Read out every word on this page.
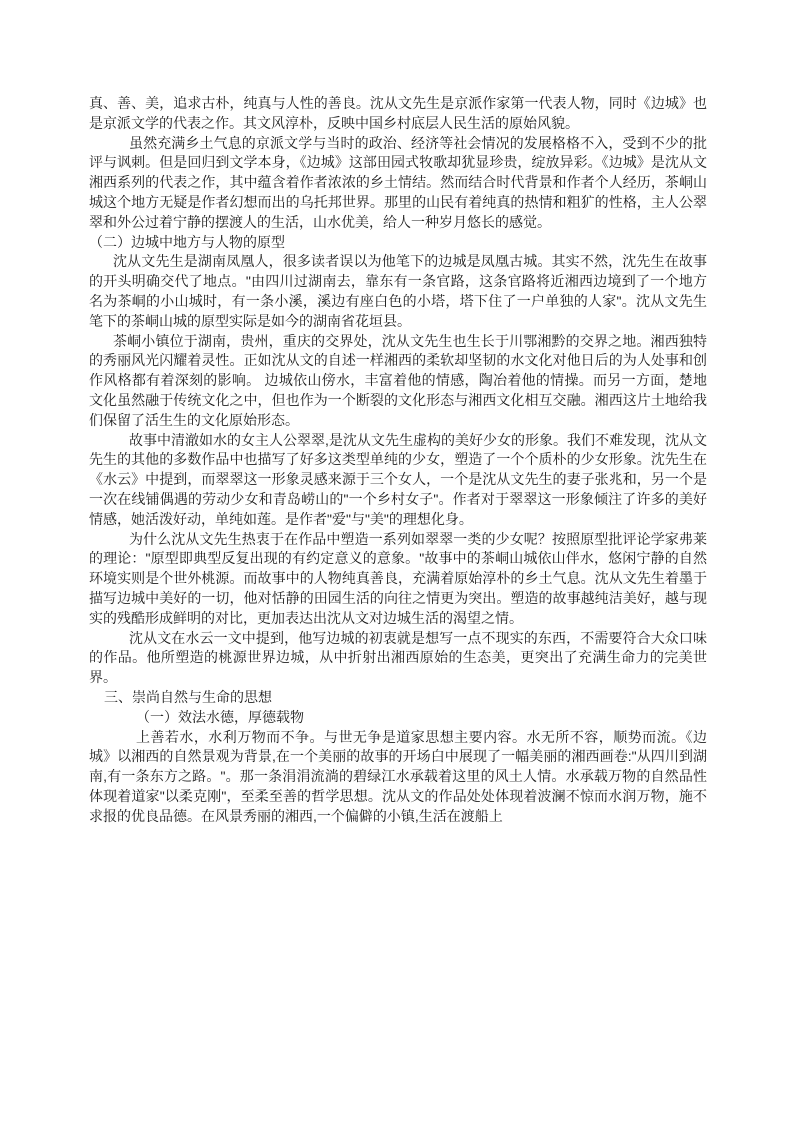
真、善、美，追求古朴，纯真与人性的善良。沈从文先生是京派作家第一代表人物，同时《边城》也是京派文学的代表之作。其文风淳朴，反映中国乡村底层人民生活的原始风貌。

虽然充满乡土气息的京派文学与当时的政治、经济等社会情况的发展格格不入，受到不少的批评与讽刺。但是回归到文学本身，《边城》这部田园式牧歌却犹显珍贵，绽放异彩。《边城》是沈从文湘西系列的代表之作，其中蕴含着作者浓浓的乡土情结。然而结合时代背景和作者个人经历，茶峒山城这个地方无疑是作者幻想而出的乌托邦世界。那里的山民有着纯真的热情和粗犷的性格，主人公翠翠和外公过着宁静的摆渡人的生活，山水优美，给人一种岁月悠长的感觉。

（二）边城中地方与人物的原型

沈从文先生是湖南凤凰人，很多读者误以为他笔下的边城是凤凰古城。其实不然，沈先生在故事的开头明确交代了地点。"由四川过湖南去，靠东有一条官路，这条官路将近湘西边境到了一个地方名为茶峒的小山城时，有一条小溪，溪边有座白色的小塔，塔下住了一户单独的人家"。沈从文先生笔下的茶峒山城的原型实际是如今的湖南省花垣县。

茶峒小镇位于湖南，贵州，重庆的交界处，沈从文先生也生长于川鄂湘黔的交界之地。湘西独特的秀丽风光闪耀着灵性。正如沈从文的自述一样湘西的柔软却坚韧的水文化对他日后的为人处事和创作风格都有着深刻的影响。 边城依山傍水，丰富着他的情感，陶冶着他的情操。而另一方面，楚地文化虽然融于传统文化之中，但也作为一个断裂的文化形态与湘西文化相互交融。湘西这片土地给我们保留了活生生的文化原始形态。

故事中清澈如水的女主人公翠翠,是沈从文先生虚构的美好少女的形象。我们不难发现，沈从文先生的其他的多数作品中也描写了好多这类型单纯的少女，塑造了一个个质朴的少女形象。沈先生在《水云》中提到，而翠翠这一形象灵感来源于三个女人，一个是沈从文先生的妻子张兆和，另一个是一次在线铺偶遇的劳动少女和青岛崂山的"一个乡村女子"。作者对于翠翠这一形象倾注了许多的美好情感，她活泼好动，单纯如莲。是作者"爱"与"美"的理想化身。

为什么沈从文先生热衷于在作品中塑造一系列如翠翠一类的少女呢？按照原型批评论学家弗莱的理论："原型即典型反复出现的有约定意义的意象。"故事中的茶峒山城依山伴水，悠闲宁静的自然环境实则是个世外桃源。而故事中的人物纯真善良，充满着原始淳朴的乡土气息。沈从文先生着墨于描写边城中美好的一切，他对恬静的田园生活的向往之情更为突出。塑造的故事越纯洁美好，越与现实的残酷形成鲜明的对比，更加表达出沈从文对边城生活的渴望之情。

沈从文在水云一文中提到，他写边城的初衷就是想写一点不现实的东西，不需要符合大众口味的作品。他所塑造的桃源世界边城，从中折射出湘西原始的生态美，更突出了充满生命力的完美世界。

三、崇尚自然与生命的思想

（一）效法水德，厚德载物

上善若水，水利万物而不争。与世无争是道家思想主要内容。水无所不容，顺势而流。《边城》以湘西的自然景观为背景,在一个美丽的故事的开场白中展现了一幅美丽的湘西画卷:"从四川到湖南,有一条东方之路。"。那一条涓涓流淌的碧绿江水承载着这里的风土人情。水承载万物的自然品性体现着道家"以柔克刚"，至柔至善的哲学思想。沈从文的作品处处体现着波澜不惊而水润万物，施不求报的优良品德。在风景秀丽的湘西,一个偏僻的小镇,生活在渡船上
